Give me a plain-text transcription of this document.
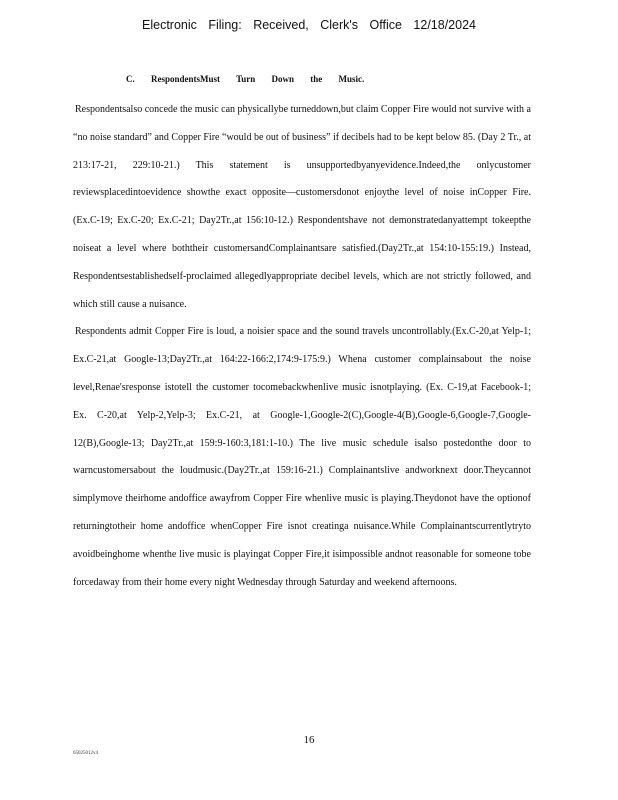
Electronic Filing: Received, Clerk's Office 12/18/2024
C. RespondentsMust Turn Down the Music.

Respondentsalso concede the music can physicallybe turneddown,but claim Copper Fire would not survive with a “no noise standard” and Copper Fire “would be out of business” if decibels had to be kept below 85. (Day 2 Tr., at 213:17-21, 229:10-21.) This statement is unsupportedbyanyevidence.Indeed,the onlycustomer reviewsplacedintoevidence showthe exact opposite—customersdonot enjoythe level of noise inCopper Fire. (Ex.C-19; Ex.C-20; Ex.C-21; Day2Tr.,at 156:10-12.) Respondentshave not demonstratedanyattempt tokeepthe noiseat a level where boththeir customersandComplainantsare satisfied.(Day2Tr.,at 154:10-155:19.) Instead, Respondentsestablishedself-proclaimed allegedlyappropriate decibel levels, which are not strictly followed, and which still cause a nuisance.

Respondents admit Copper Fire is loud, a noisier space and the sound travels uncontrollably.(Ex.C-20,at Yelp-1; Ex.C-21,at Google-13;Day2Tr.,at 164:22-166:2,174:9-175:9.) Whena customer complainsabout the noise level,Renae'sresponse istotell the customer tocomebackwhenlive music isnotplaying. (Ex. C-19,at Facebook-1; Ex. C-20,at Yelp-2,Yelp-3; Ex.C-21, at Google-1,Google-2(C),Google-4(B),Google-6,Google-7,Google-12(B),Google-13; Day2Tr.,at 159:9-160:3,181:1-10.) The live music schedule isalso postedonthe door to warncustomersabout the loudmusic.(Day2Tr.,at 159:16-21.) Complainantslive andworknext door.Theycannot simplymove theirhome andoffice awayfrom Copper Fire whenlive music is playing.Theydonot have the optionof returningtotheir home andoffice whenCopper Fire isnot creatinga nuisance.While Complainantscurrentlytryto avoidbeinghome whenthe live music is playingat Copper Fire,it isimpossible andnot reasonable for someone tobe forcedaway from their home every night Wednesday through Saturday and weekend afternoons.

16
65025012v4
